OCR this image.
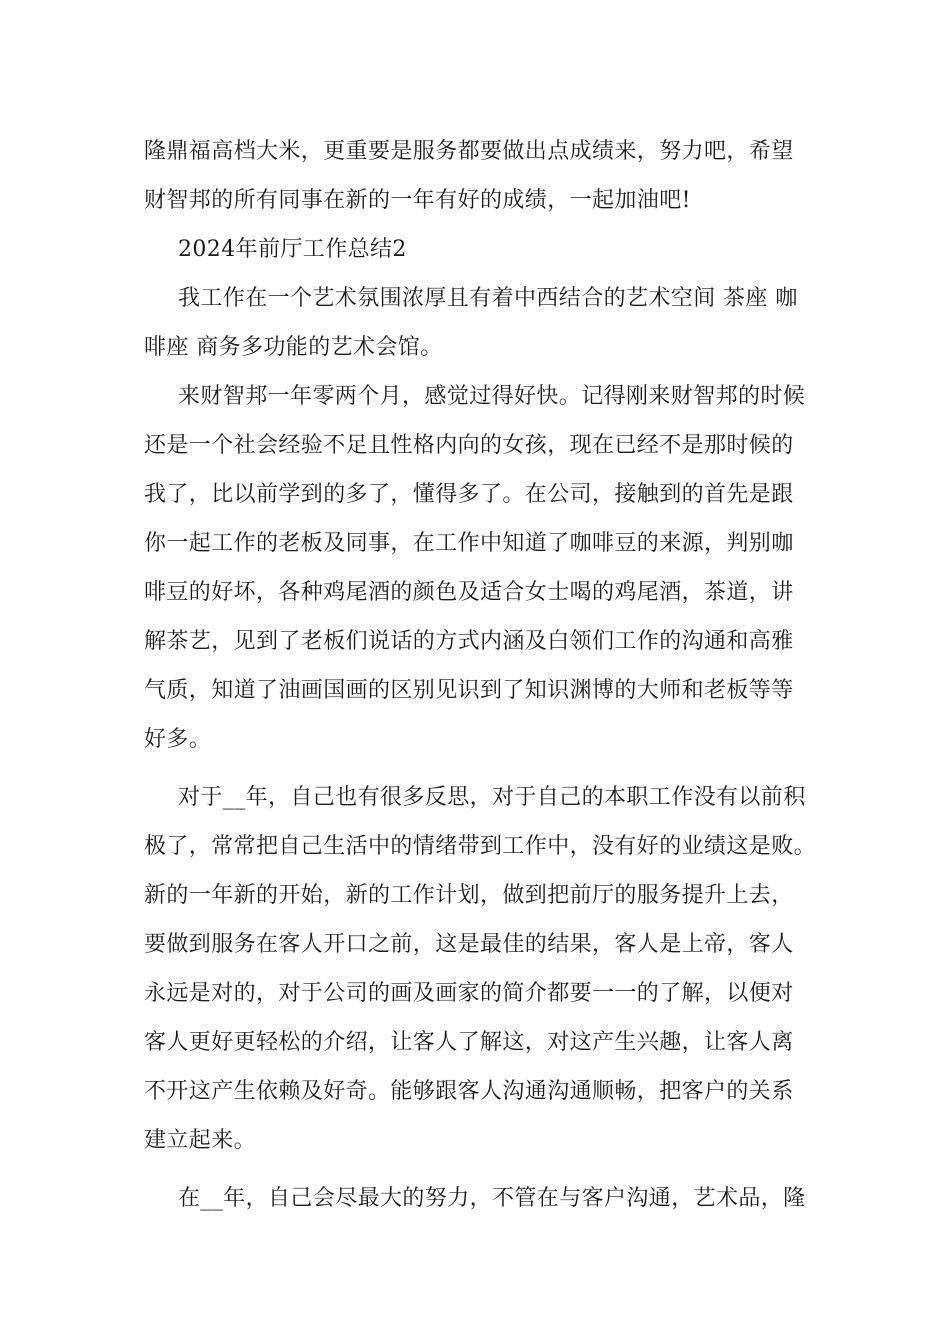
隆鼎福高档大米，更重要是服务都要做出点成绩来，努力吧，希望
财智邦的所有同事在新的一年有好的成绩，一起加油吧!
2024年前厅工作总结2
我工作在一个艺术氛围浓厚且有着中西结合的艺术空间 茶座 咖
啡座 商务多功能的艺术会馆。
来财智邦一年零两个月，感觉过得好快。记得刚来财智邦的时候
还是一个社会经验不足且性格内向的女孩，现在已经不是那时候的
我了，比以前学到的多了，懂得多了。在公司，接触到的首先是跟
你一起工作的老板及同事，在工作中知道了咖啡豆的来源，判别咖
啡豆的好坏，各种鸡尾酒的颜色及适合女士喝的鸡尾酒，茶道，讲
解茶艺，见到了老板们说话的方式内涵及白领们工作的沟通和高雅
气质，知道了油画国画的区别见识到了知识渊博的大师和老板等等
好多。
对于__年，自己也有很多反思，对于自己的本职工作没有以前积
极了，常常把自己生活中的情绪带到工作中，没有好的业绩这是败。
新的一年新的开始，新的工作计划，做到把前厅的服务提升上去，
要做到服务在客人开口之前，这是最佳的结果，客人是上帝，客人
永远是对的，对于公司的画及画家的简介都要一一的了解，以便对
客人更好更轻松的介绍，让客人了解这，对这产生兴趣，让客人离
不开这产生依赖及好奇。能够跟客人沟通沟通顺畅，把客户的关系
建立起来。
在__年，自己会尽最大的努力，不管在与客户沟通，艺术品，隆
